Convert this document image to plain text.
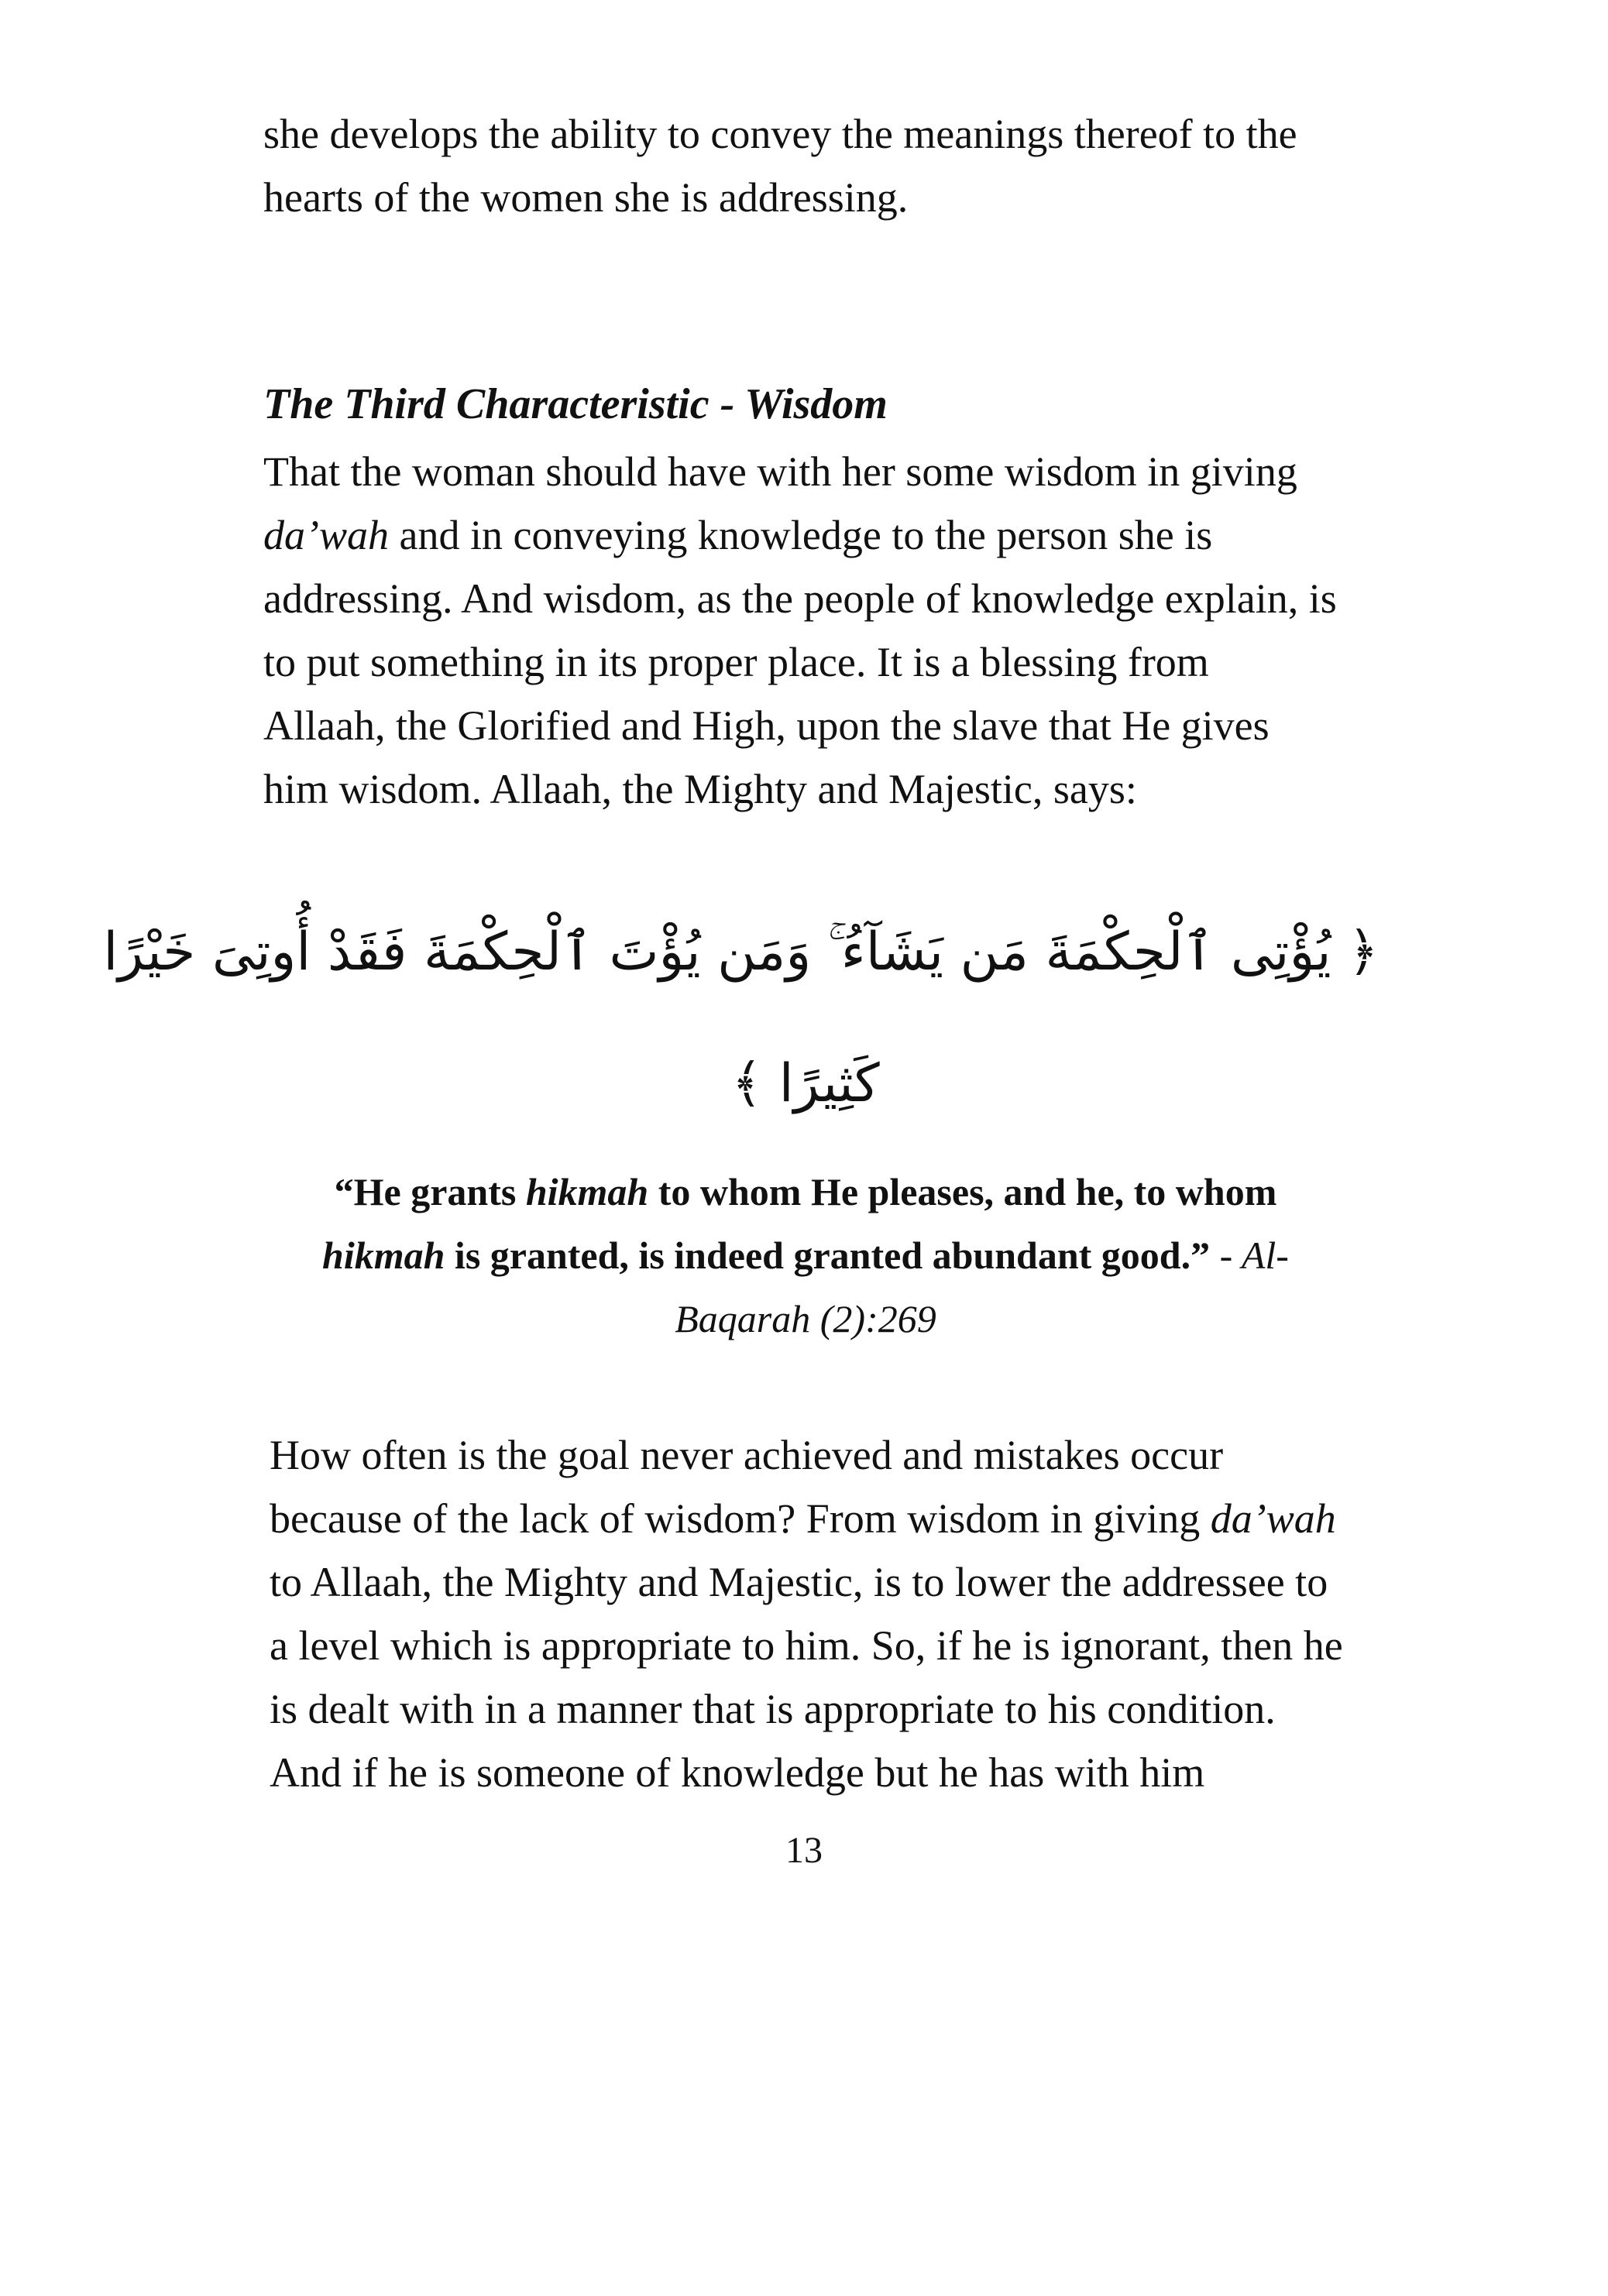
she develops the ability to convey the meanings thereof to the
hearts of the women she is addressing.
The Third Characteristic - Wisdom
That the woman should have with her some wisdom in giving
da’wah and in conveying knowledge to the person she is
addressing. And wisdom, as the people of knowledge explain, is
to put something in its proper place. It is a blessing from
Allaah, the Glorified and High, upon the slave that He gives
him wisdom. Allaah, the Mighty and Majestic, says:

﴿ يُؤْتِى ٱلْحِكْمَةَ مَن يَشَآءُ ۚ وَمَن يُؤْتَ ٱلْحِكْمَةَ فَقَدْ أُوتِىَ خَيْرًا

كَثِيرًا ﴾

“He grants hikmah to whom He pleases, and he, to whom
hikmah is granted, is indeed granted abundant good.” - Al-
Baqarah (2):269
How often is the goal never achieved and mistakes occur
because of the lack of wisdom? From wisdom in giving da’wah
to Allaah, the Mighty and Majestic, is to lower the addressee to
a level which is appropriate to him. So, if he is ignorant, then he
is dealt with in a manner that is appropriate to his condition.
And if he is someone of knowledge but he has with him
13
